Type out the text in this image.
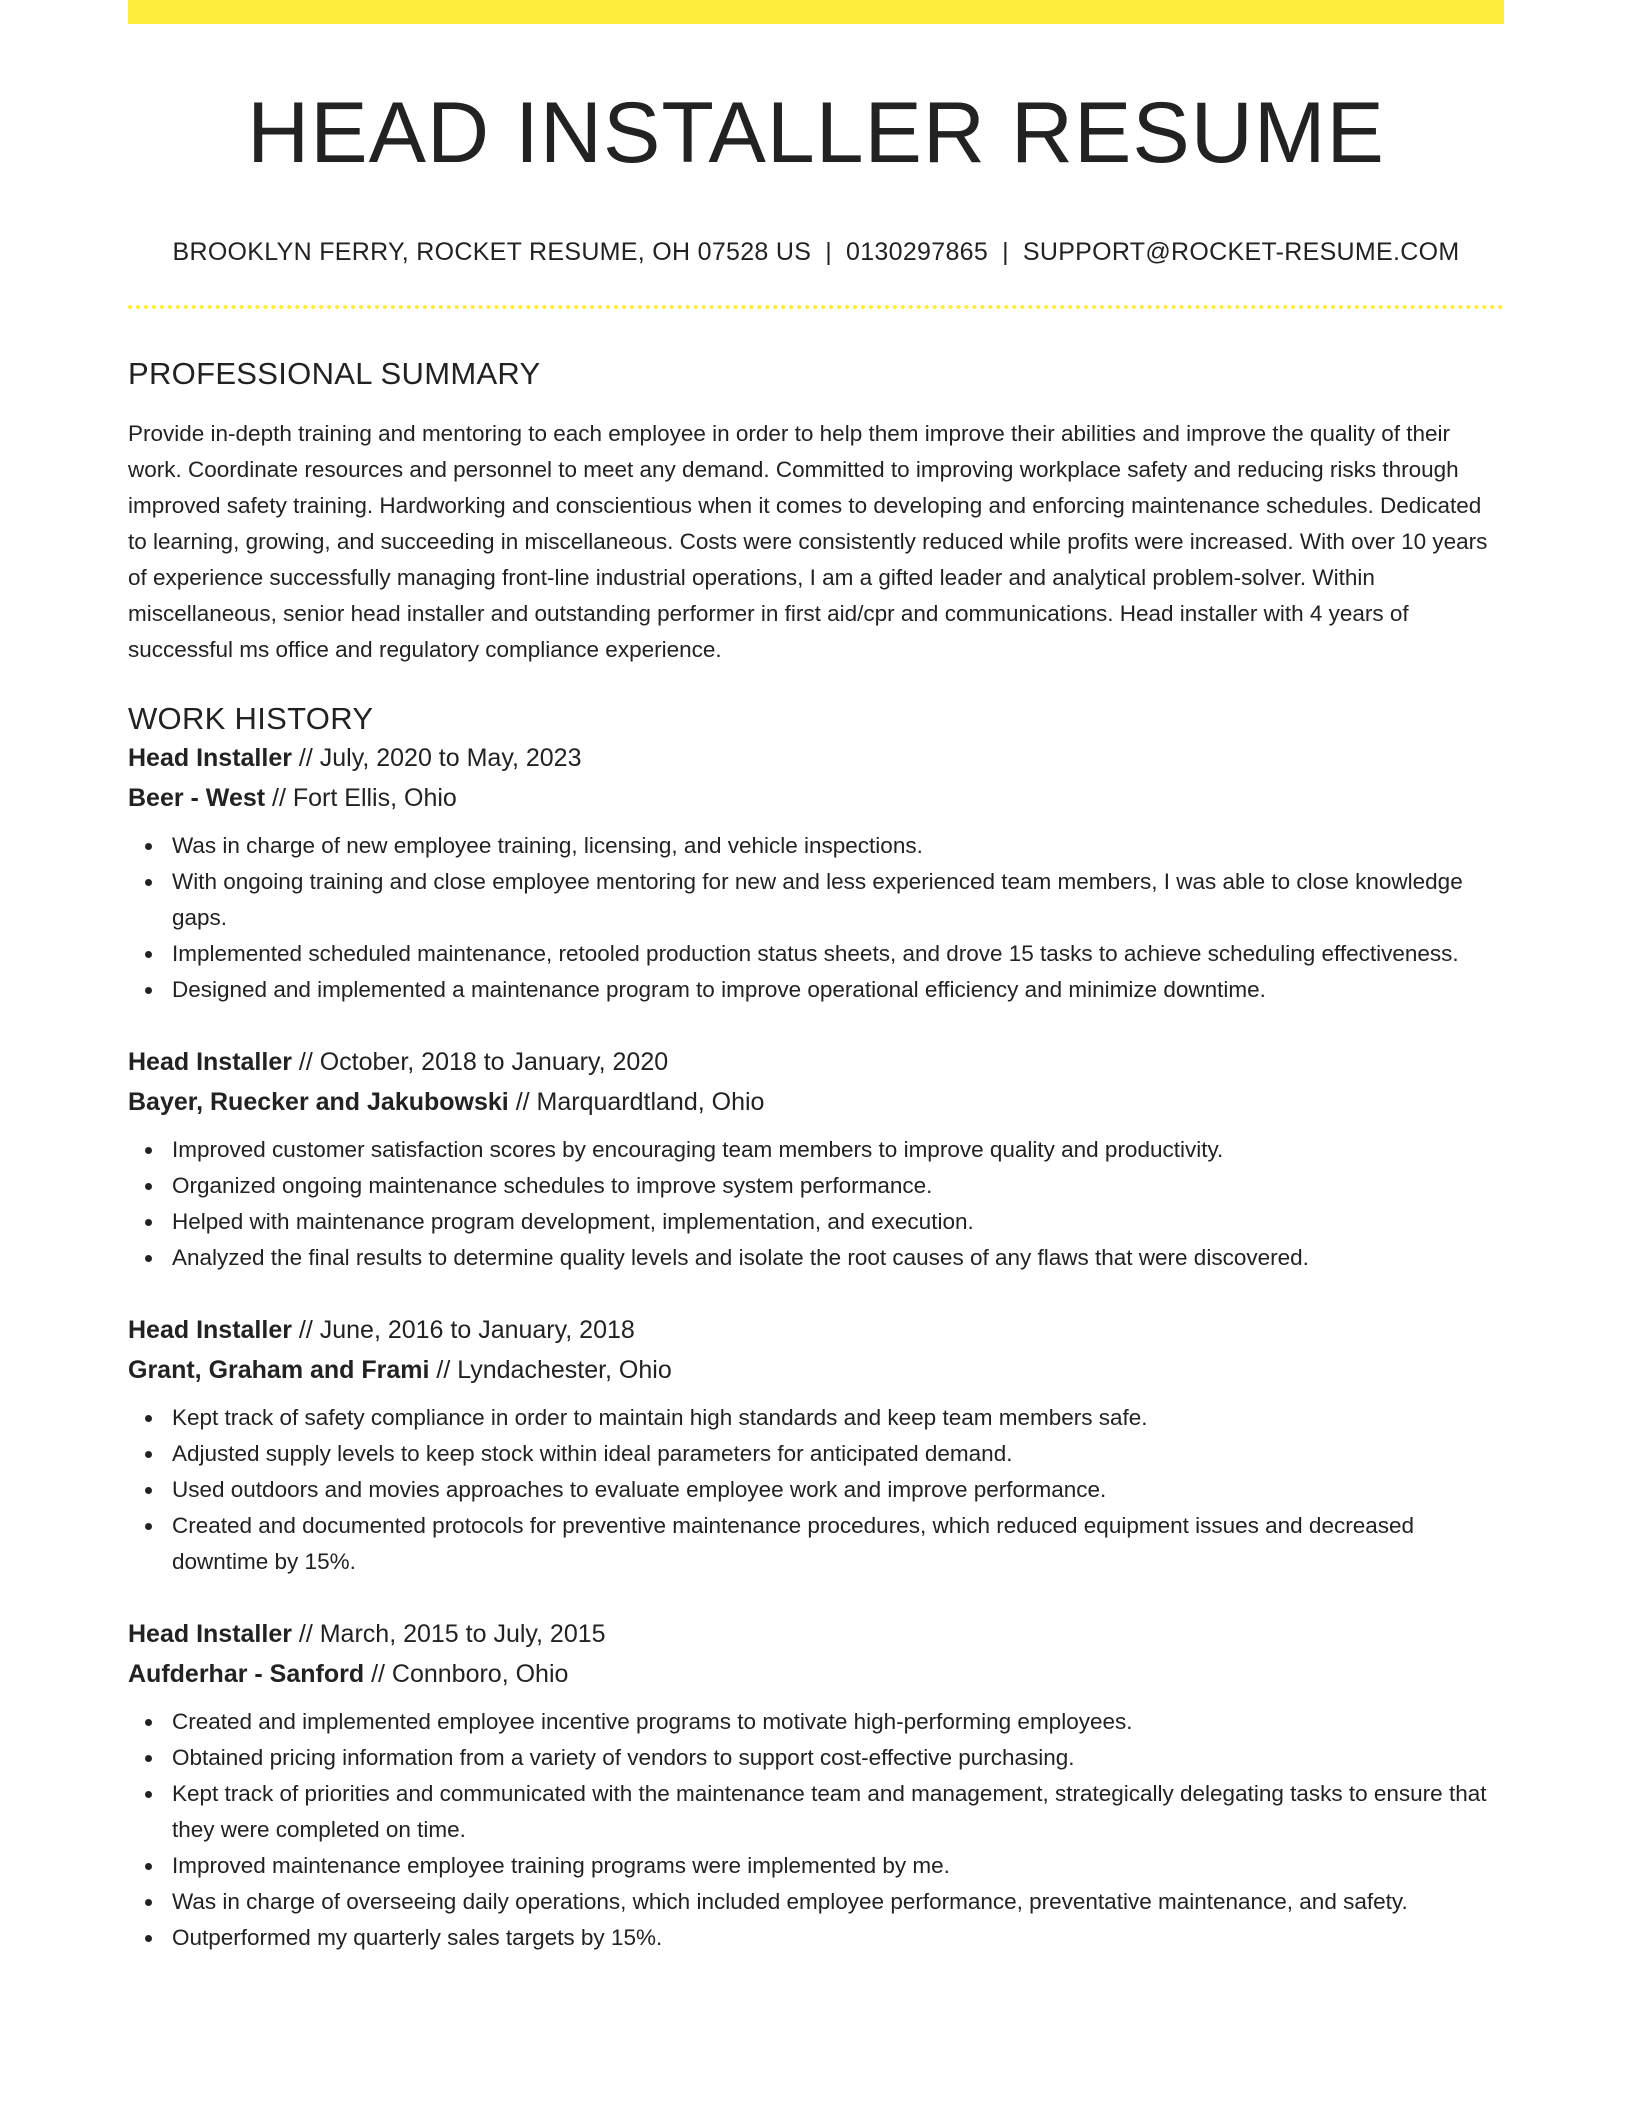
HEAD INSTALLER RESUME
BROOKLYN FERRY, ROCKET RESUME, OH 07528 US | 0130297865 | SUPPORT@ROCKET-RESUME.COM
PROFESSIONAL SUMMARY

Provide in-depth training and mentoring to each employee in order to help them improve their abilities and improve the quality of their work. Coordinate resources and personnel to meet any demand. Committed to improving workplace safety and reducing risks through improved safety training. Hardworking and conscientious when it comes to developing and enforcing maintenance schedules. Dedicated to learning, growing, and succeeding in miscellaneous. Costs were consistently reduced while profits were increased. With over 10 years of experience successfully managing front-line industrial operations, I am a gifted leader and analytical problem-solver. Within miscellaneous, senior head installer and outstanding performer in first aid/cpr and communications. Head installer with 4 years of successful ms office and regulatory compliance experience.

WORK HISTORY
Head Installer // July, 2020 to May, 2023
Beer - West // Fort Ellis, Ohio
Was in charge of new employee training, licensing, and vehicle inspections.
With ongoing training and close employee mentoring for new and less experienced team members, I was able to close knowledge gaps.
Implemented scheduled maintenance, retooled production status sheets, and drove 15 tasks to achieve scheduling effectiveness.
Designed and implemented a maintenance program to improve operational efficiency and minimize downtime.
Head Installer // October, 2018 to January, 2020
Bayer, Ruecker and Jakubowski // Marquardtland, Ohio
Improved customer satisfaction scores by encouraging team members to improve quality and productivity.
Organized ongoing maintenance schedules to improve system performance.
Helped with maintenance program development, implementation, and execution.
Analyzed the final results to determine quality levels and isolate the root causes of any flaws that were discovered.
Head Installer // June, 2016 to January, 2018
Grant, Graham and Frami // Lyndachester, Ohio
Kept track of safety compliance in order to maintain high standards and keep team members safe.
Adjusted supply levels to keep stock within ideal parameters for anticipated demand.
Used outdoors and movies approaches to evaluate employee work and improve performance.
Created and documented protocols for preventive maintenance procedures, which reduced equipment issues and decreased downtime by 15%.
Head Installer // March, 2015 to July, 2015
Aufderhar - Sanford // Connboro, Ohio
Created and implemented employee incentive programs to motivate high-performing employees.
Obtained pricing information from a variety of vendors to support cost-effective purchasing.
Kept track of priorities and communicated with the maintenance team and management, strategically delegating tasks to ensure that they were completed on time.
Improved maintenance employee training programs were implemented by me.
Was in charge of overseeing daily operations, which included employee performance, preventative maintenance, and safety.
Outperformed my quarterly sales targets by 15%.
